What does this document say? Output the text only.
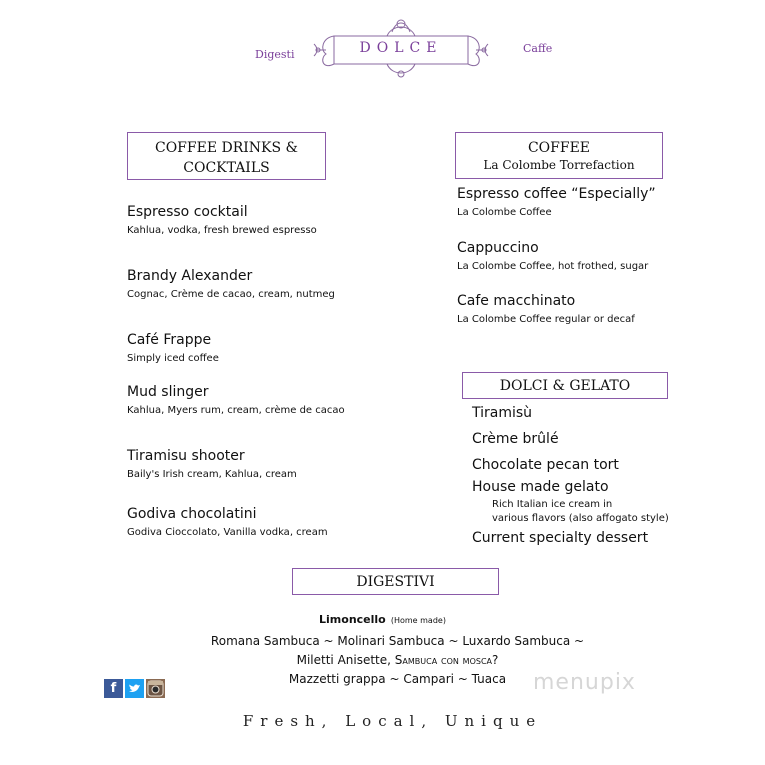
Digesti	DOLCE	Caffe
COFFEE DRINKS &
COCKTAILS
Espresso cocktail
Kahlua, vodka, fresh brewed espresso
Brandy Alexander
Cognac, Crème de cacao, cream, nutmeg
Café Frappe
Simply iced coffee
Mud slinger
Kahlua, Myers rum, cream, crème de cacao
Tiramisu shooter
Baily's Irish cream, Kahlua, cream
Godiva chocolatini
Godiva Cioccolato, Vanilla vodka, cream
COFFEE
La Colombe Torrefaction
Espresso coffee “Especially”
La Colombe Coffee
Cappuccino
La Colombe Coffee, hot frothed, sugar
Cafe macchinato
La Colombe Coffee regular or decaf
DOLCI & GELATO
Tiramisù
Crème brûlé
Chocolate pecan tort
House made gelato
Rich Italian ice cream in
various flavors (also affogato style)
Current specialty dessert
DIGESTIVI
Limoncello (Home made)
Romana Sambuca ~ Molinari Sambuca ~ Luxardo Sambuca ~
Miletti Anisette, Sambuca con mosca?
Mazzetti grappa ~ Campari ~ Tuaca
f	menupix
Fresh, Local, Unique
